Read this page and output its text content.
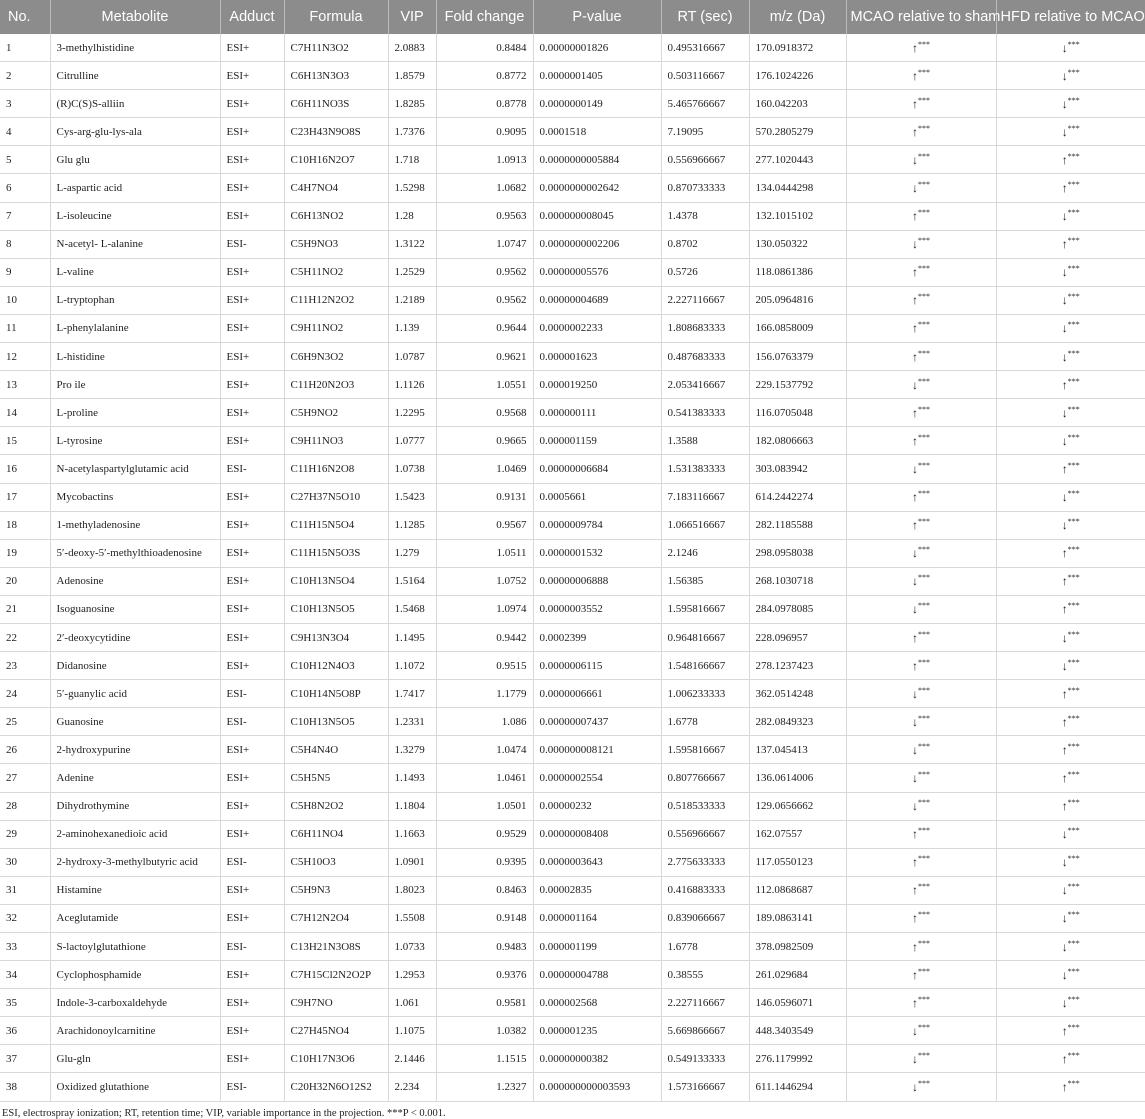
No.	Metabolite	Adduct	Formula	VIP	Fold change	P-value	RT (sec)	m/z (Da)	MCAO relative to sham	HFD relative to MCAO
1	3-methylhistidine	ESI+	C7H11N3O2	2.0883	0.8484	0.00000001826	0.495316667	170.0918372	↑***	↓***
2	Citrulline	ESI+	C6H13N3O3	1.8579	0.8772	0.0000001405	0.503116667	176.1024226	↑***	↓***
3	(R)C(S)S-alliin	ESI+	C6H11NO3S	1.8285	0.8778	0.0000000149	5.465766667	160.042203	↑***	↓***
4	Cys-arg-glu-lys-ala	ESI+	C23H43N9O8S	1.7376	0.9095	0.0001518	7.19095	570.2805279	↑***	↓***
5	Glu glu	ESI+	C10H16N2O7	1.718	1.0913	0.0000000005884	0.556966667	277.1020443	↓***	↑***
6	L-aspartic acid	ESI+	C4H7NO4	1.5298	1.0682	0.0000000002642	0.870733333	134.0444298	↓***	↑***
7	L-isoleucine	ESI+	C6H13NO2	1.28	0.9563	0.000000008045	1.4378	132.1015102	↑***	↓***
8	N-acetyl- L-alanine	ESI-	C5H9NO3	1.3122	1.0747	0.0000000002206	0.8702	130.050322	↓***	↑***
9	L-valine	ESI+	C5H11NO2	1.2529	0.9562	0.00000005576	0.5726	118.0861386	↑***	↓***
10	L-tryptophan	ESI+	C11H12N2O2	1.2189	0.9562	0.00000004689	2.227116667	205.0964816	↑***	↓***
11	L-phenylalanine	ESI+	C9H11NO2	1.139	0.9644	0.0000002233	1.808683333	166.0858009	↑***	↓***
12	L-histidine	ESI+	C6H9N3O2	1.0787	0.9621	0.000001623	0.487683333	156.0763379	↑***	↓***
13	Pro ile	ESI+	C11H20N2O3	1.1126	1.0551	0.000019250	2.053416667	229.1537792	↓***	↑***
14	L-proline	ESI+	C5H9NO2	1.2295	0.9568	0.000000111	0.541383333	116.0705048	↑***	↓***
15	L-tyrosine	ESI+	C9H11NO3	1.0777	0.9665	0.000001159	1.3588	182.0806663	↑***	↓***
16	N-acetylaspartylglutamic acid	ESI-	C11H16N2O8	1.0738	1.0469	0.00000006684	1.531383333	303.083942	↓***	↑***
17	Mycobactins	ESI+	C27H37N5O10	1.5423	0.9131	0.0005661	7.183116667	614.2442274	↑***	↓***
18	1-methyladenosine	ESI+	C11H15N5O4	1.1285	0.9567	0.0000009784	1.066516667	282.1185588	↑***	↓***
19	5′-deoxy-5′-methylthioadenosine	ESI+	C11H15N5O3S	1.279	1.0511	0.0000001532	2.1246	298.0958038	↓***	↑***
20	Adenosine	ESI+	C10H13N5O4	1.5164	1.0752	0.00000006888	1.56385	268.1030718	↓***	↑***
21	Isoguanosine	ESI+	C10H13N5O5	1.5468	1.0974	0.0000003552	1.595816667	284.0978085	↓***	↑***
22	2′-deoxycytidine	ESI+	C9H13N3O4	1.1495	0.9442	0.0002399	0.964816667	228.096957	↑***	↓***
23	Didanosine	ESI+	C10H12N4O3	1.1072	0.9515	0.0000006115	1.548166667	278.1237423	↑***	↓***
24	5′-guanylic acid	ESI-	C10H14N5O8P	1.7417	1.1779	0.0000006661	1.006233333	362.0514248	↓***	↑***
25	Guanosine	ESI-	C10H13N5O5	1.2331	1.086	0.00000007437	1.6778	282.0849323	↓***	↑***
26	2-hydroxypurine	ESI+	C5H4N4O	1.3279	1.0474	0.000000008121	1.595816667	137.045413	↓***	↑***
27	Adenine	ESI+	C5H5N5	1.1493	1.0461	0.0000002554	0.807766667	136.0614006	↓***	↑***
28	Dihydrothymine	ESI+	C5H8N2O2	1.1804	1.0501	0.00000232	0.518533333	129.0656662	↓***	↑***
29	2-aminohexanedioic acid	ESI+	C6H11NO4	1.1663	0.9529	0.00000008408	0.556966667	162.07557	↑***	↓***
30	2-hydroxy-3-methylbutyric acid	ESI-	C5H10O3	1.0901	0.9395	0.0000003643	2.775633333	117.0550123	↑***	↓***
31	Histamine	ESI+	C5H9N3	1.8023	0.8463	0.00002835	0.416883333	112.0868687	↑***	↓***
32	Aceglutamide	ESI+	C7H12N2O4	1.5508	0.9148	0.000001164	0.839066667	189.0863141	↑***	↓***
33	S-lactoylglutathione	ESI-	C13H21N3O8S	1.0733	0.9483	0.000001199	1.6778	378.0982509	↑***	↓***
34	Cyclophosphamide	ESI+	C7H15Cl2N2O2P	1.2953	0.9376	0.00000004788	0.38555	261.029684	↑***	↓***
35	Indole-3-carboxaldehyde	ESI+	C9H7NO	1.061	0.9581	0.000002568	2.227116667	146.0596071	↑***	↓***
36	Arachidonoylcarnitine	ESI+	C27H45NO4	1.1075	1.0382	0.000001235	5.669866667	448.3403549	↓***	↑***
37	Glu-gln	ESI+	C10H17N3O6	2.1446	1.1515	0.00000000382	0.549133333	276.1179992	↓***	↑***
38	Oxidized glutathione	ESI-	C20H32N6O12S2	2.234	1.2327	0.000000000003593	1.573166667	611.1446294	↓***	↑***
ESI, electrospray ionization; RT, retention time; VIP, variable importance in the projection. ***P < 0.001.
